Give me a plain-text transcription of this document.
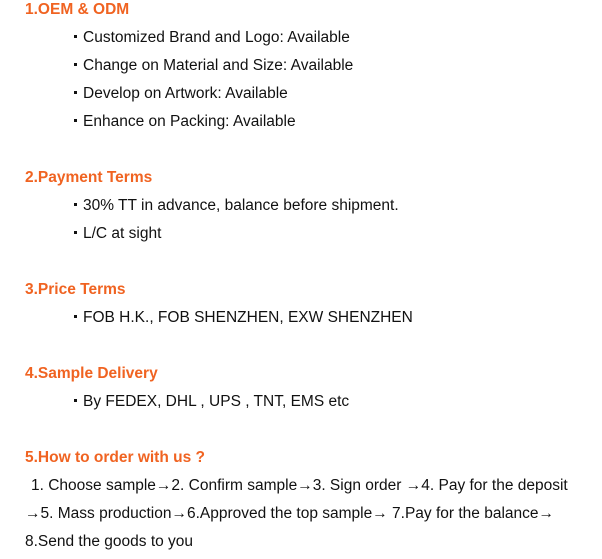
1.OEM & ODM
Customized Brand and Logo: Available
Change on Material and Size: Available
Develop on Artwork: Available
Enhance on Packing: Available
2.Payment Terms
30% TT in advance, balance before shipment.
L/C at sight
3.Price Terms
FOB H.K., FOB SHENZHEN, EXW SHENZHEN
4.Sample Delivery
By FEDEX, DHL , UPS , TNT, EMS etc
5.How to order with us ?
1. Choose sample→2. Confirm sample→3. Sign order →4. Pay for the deposit
→5. Mass production→6.Approved the top sample→ 7.Pay for the balance→
8.Send the goods to you
